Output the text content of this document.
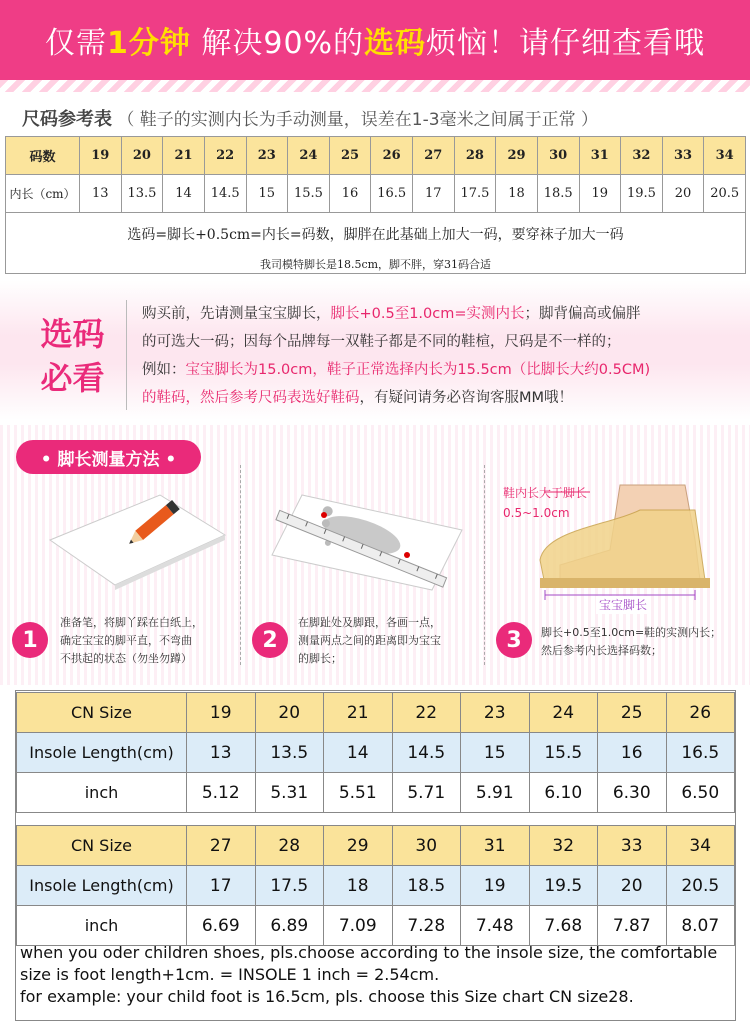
仅需1分钟 解决90%的选码烦恼！请仔细查看哦
尺码参考表 （ 鞋子的实测内长为手动测量，误差在1-3毫米之间属于正常 ）
码数	19	20	21	22	23	24	25	26	27	28	29	30	31	32	33	34
内长（cm）	13	13.5	14	14.5	15	15.5	16	16.5	17	17.5	18	18.5	19	19.5	20	20.5
选码=脚长+0.5cm=内长=码数，脚胖在此基础上加大一码，要穿袜子加大一码
我司模特脚长是18.5cm，脚不胖，穿31码合适
选码
必看
购买前，先请测量宝宝脚长，脚长+0.5至1.0cm=实测内长；脚背偏高或偏胖
的可选大一码；因每个品牌每一双鞋子都是不同的鞋楦，尺码是不一样的；
例如：宝宝脚长为15.0cm，鞋子正常选择内长为15.5cm（比脚长大约0.5CM)
的鞋码，然后参考尺码表选好鞋码，有疑问请务必咨询客服MM哦！
• 脚长测量方法 •
1
准备笔，将脚丫踩在白纸上，
确定宝宝的脚平直，不弯曲
不拱起的状态（勿坐勿蹲）
2
在脚趾处及脚跟，各画一点，
测量两点之间的距离即为宝宝
的脚长；
鞋内长大于脚长
0.5~1.0cm
宝宝脚长
3	脚长+0.5至1.0cm=鞋的实测内长；
然后参考内长选择码数；
CN Size	19	20	21	22	23	24	25	26
Insole Length(cm)	13	13.5	14	14.5	15	15.5	16	16.5
inch	5.12	5.31	5.51	5.71	5.91	6.10	6.30	6.50
CN Size	27	28	29	30	31	32	33	34
Insole Length(cm)	17	17.5	18	18.5	19	19.5	20	20.5
inch	6.69	6.89	7.09	7.28	7.48	7.68	7.87	8.07
when you oder children shoes, pls.choose according to the insole size, the comfortable
size is foot length+1cm. = INSOLE 1 inch = 2.54cm.
for example: your child foot is 16.5cm, pls. choose this Size chart CN size28.
